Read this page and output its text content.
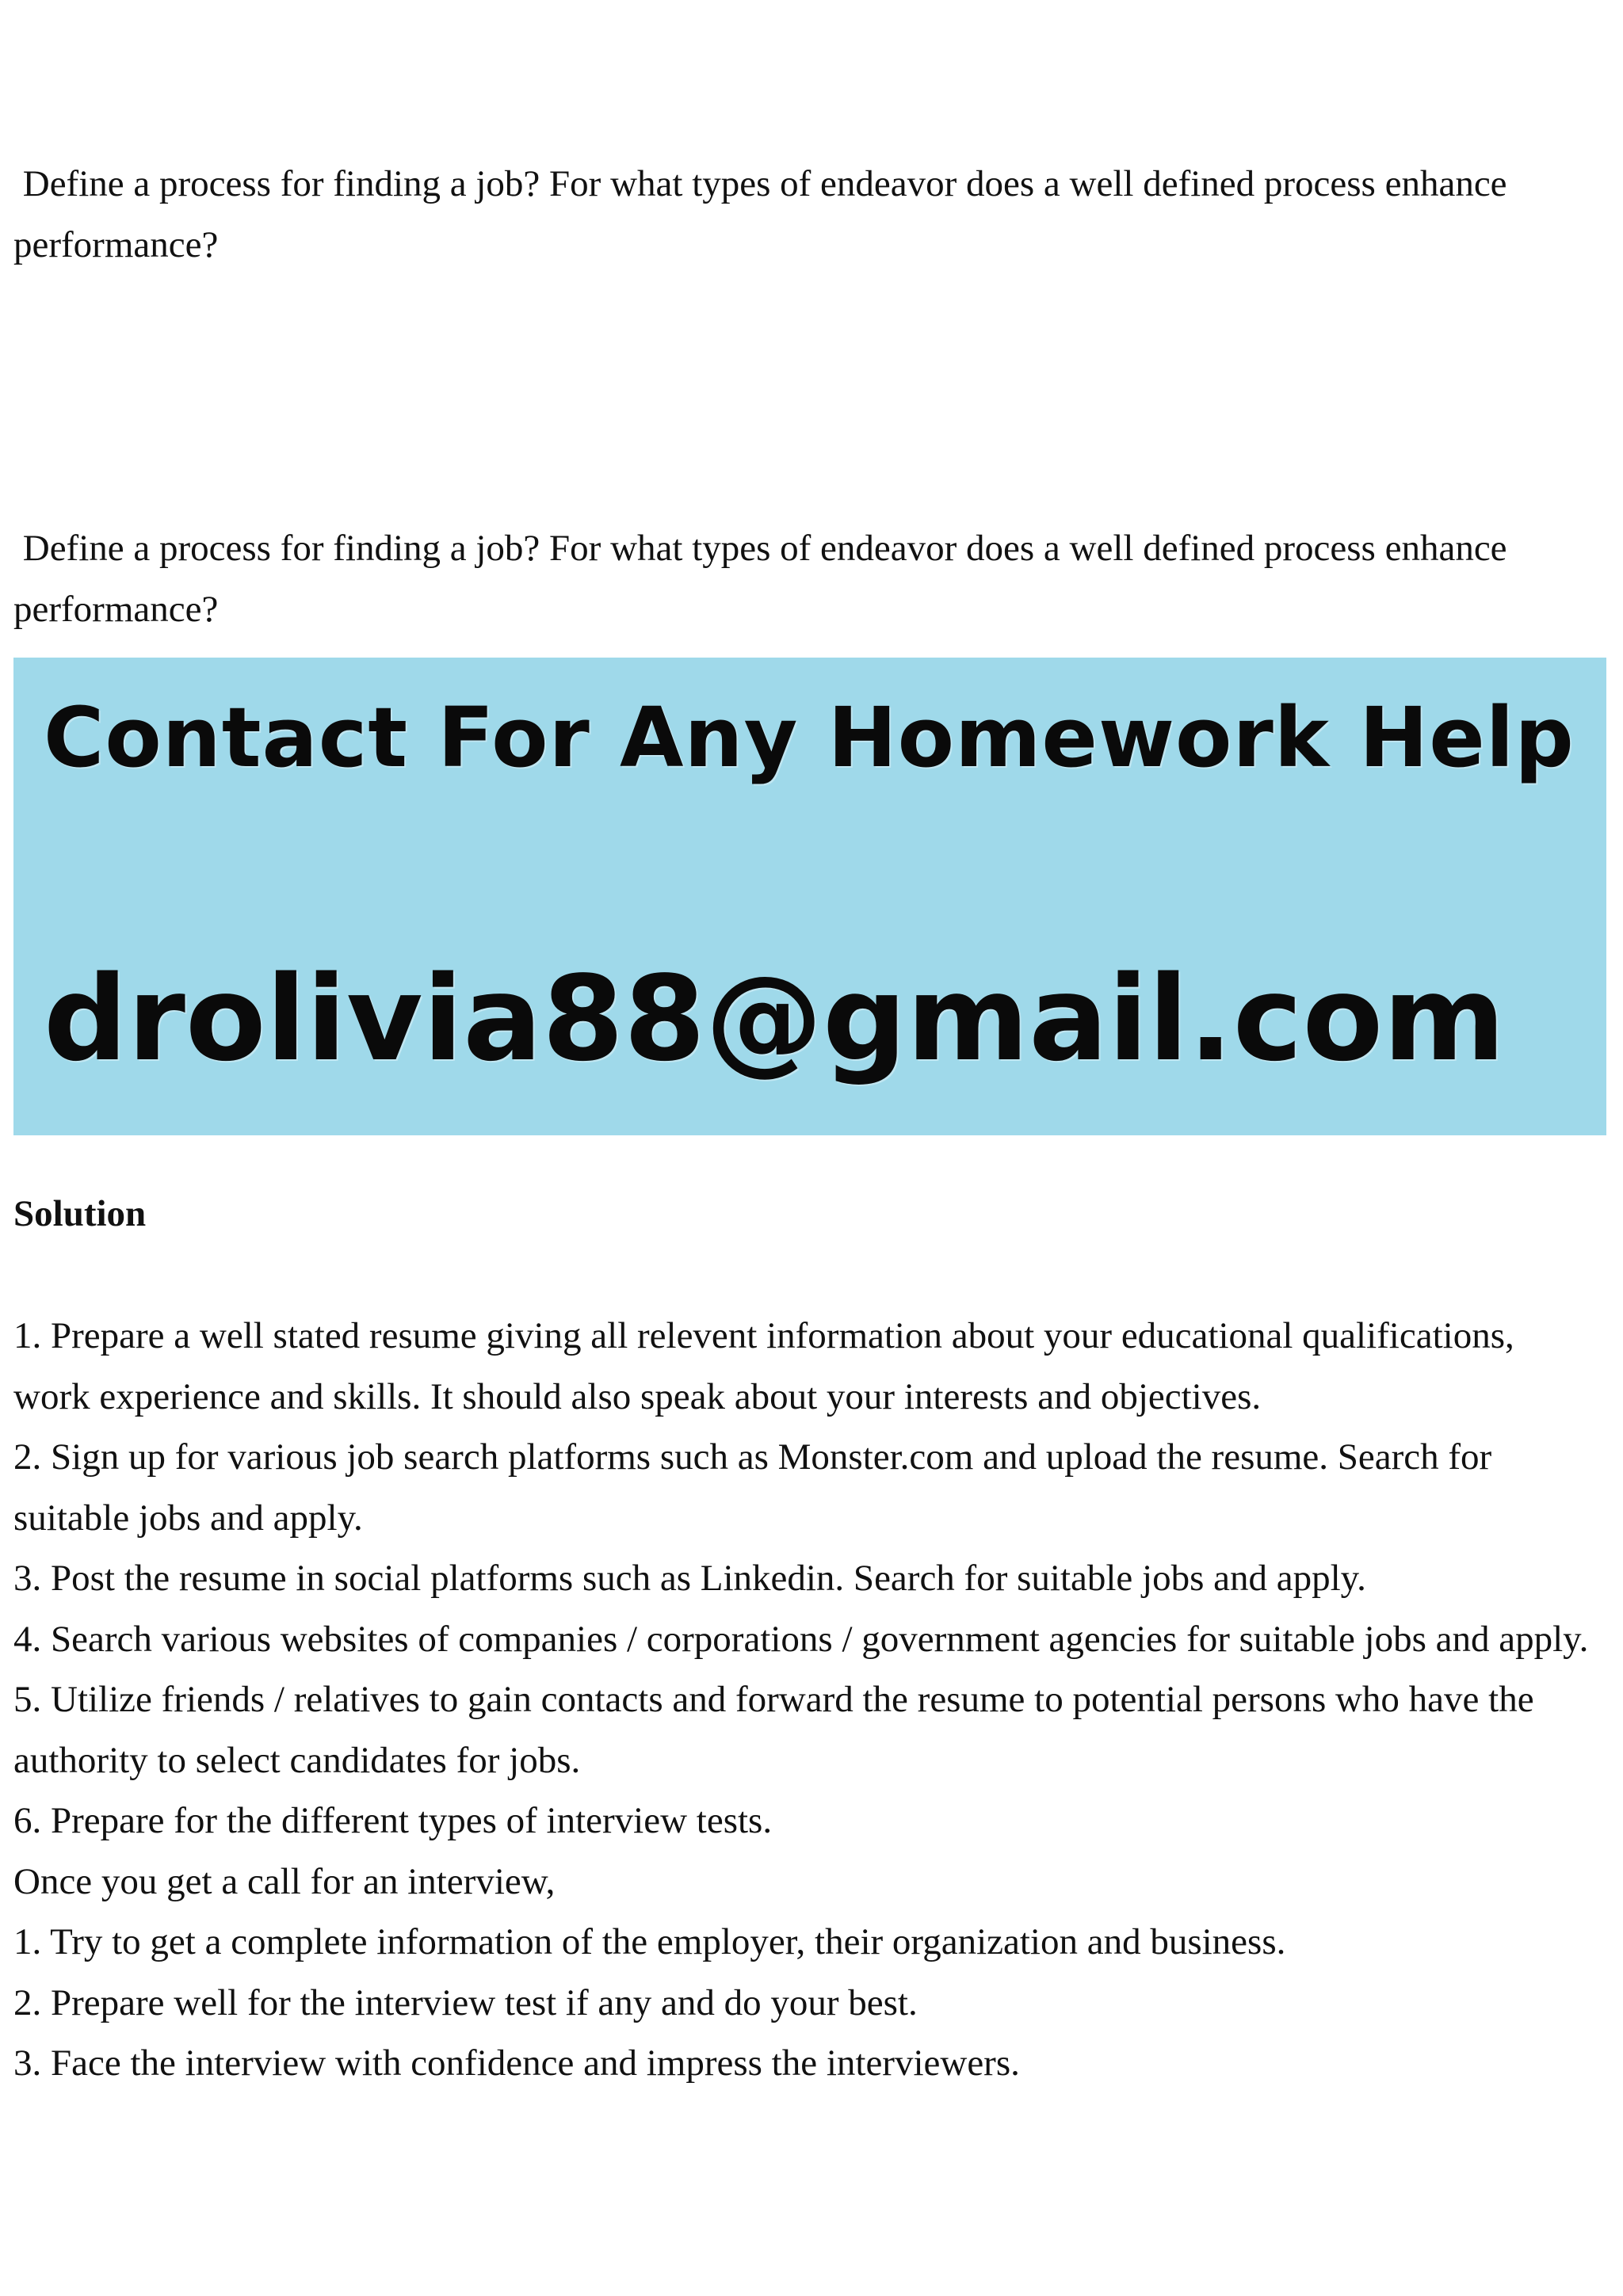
Define a process for finding a job? For what types of endeavor does a well defined process enhance performance?

Define a process for finding a job? For what types of endeavor does a well defined process enhance performance?

Contact For Any Homework Help

drolivia88@gmail.com

Solution

1. Prepare a well stated resume giving all relevent information about your educational qualifications, work experience and skills. It should also speak about your interests and objectives.
2. Sign up for various job search platforms such as Monster.com and upload the resume. Search for suitable jobs and apply.
3. Post the resume in social platforms such as Linkedin. Search for suitable jobs and apply.
4. Search various websites of companies / corporations / government agencies for suitable jobs and apply.
5. Utilize friends / relatives to gain contacts and forward the resume to potential persons who have the authority to select candidates for jobs.
6. Prepare for the different types of interview tests.
Once you get a call for an interview,
1. Try to get a complete information of the employer, their organization and business.
2. Prepare well for the interview test if any and do your best.
3. Face the interview with confidence and impress the interviewers.
